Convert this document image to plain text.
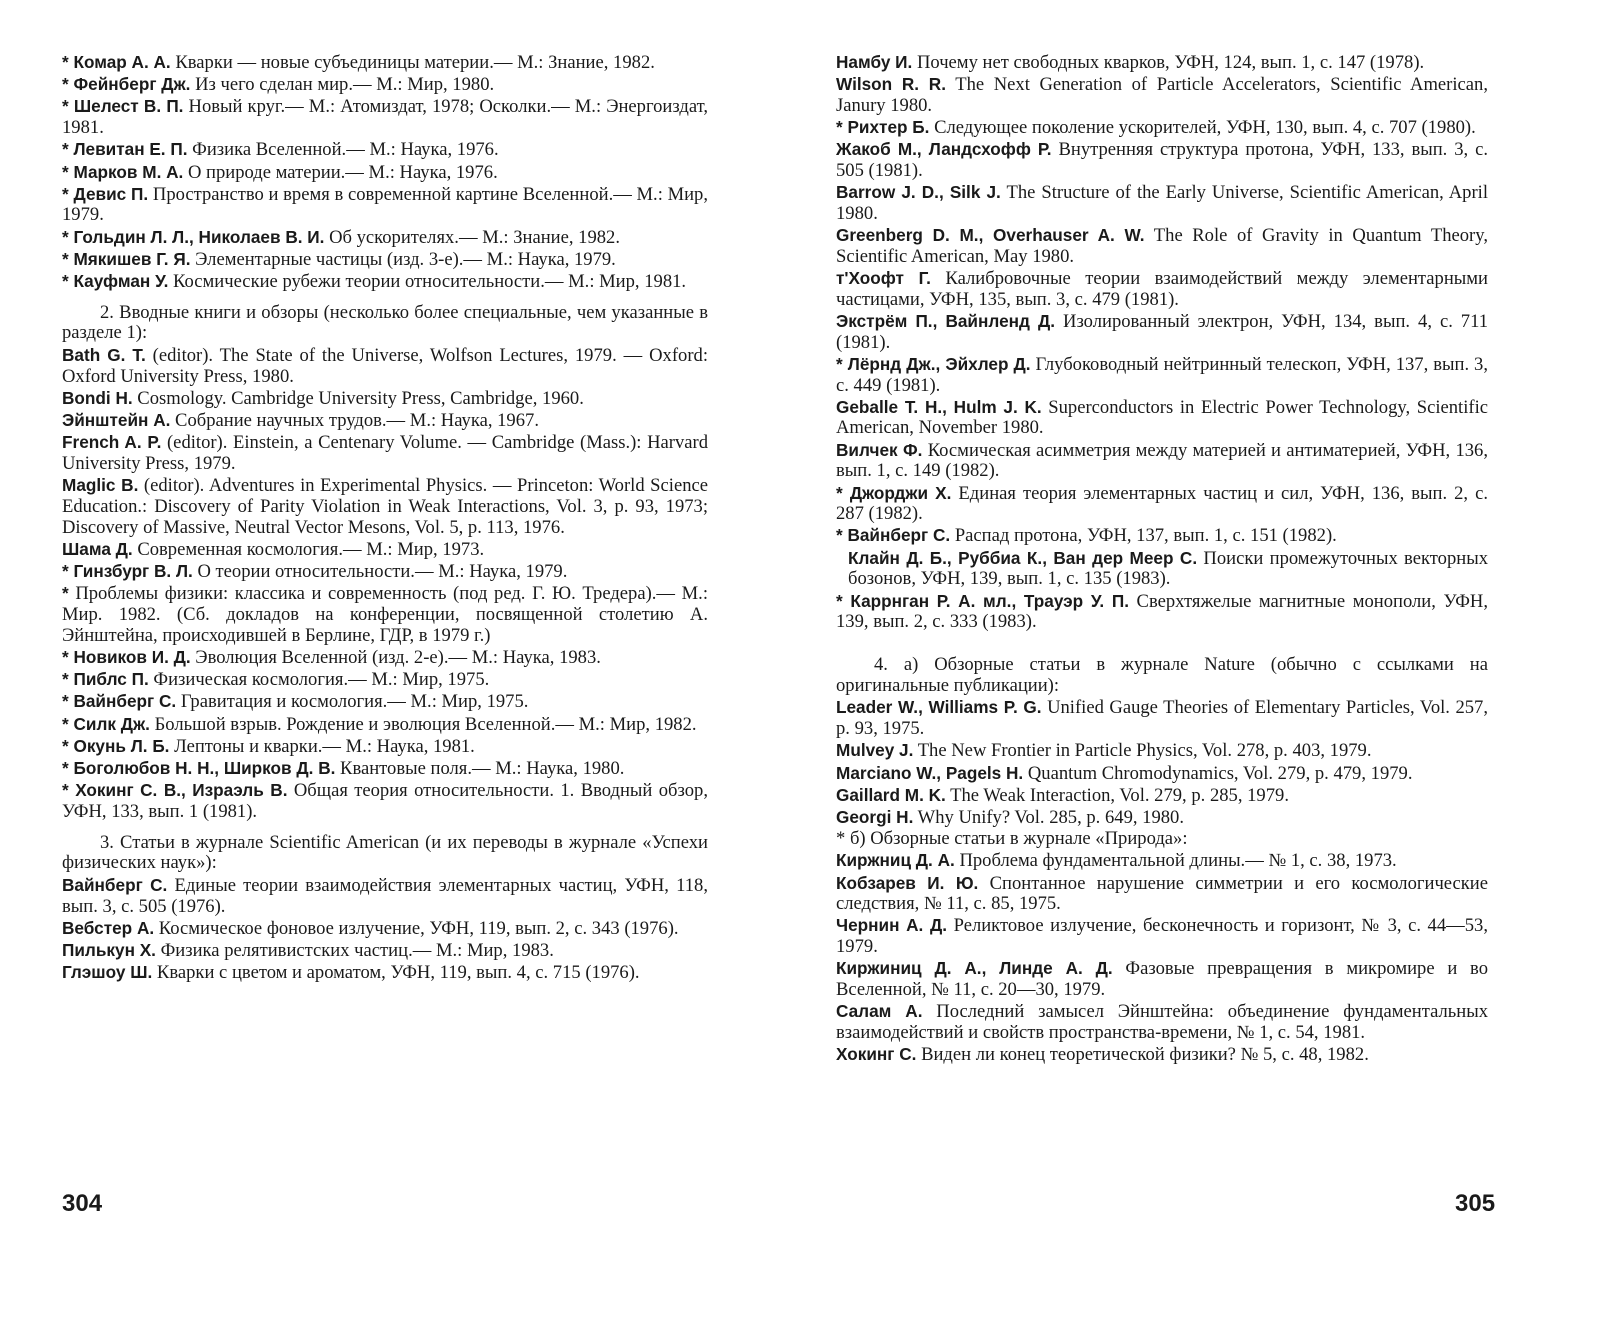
* Комар А. А. Кварки — новые субъединицы материи.— М.: Знание, 1982.
* Фейнберг Дж. Из чего сделан мир.— М.: Мир, 1980.
* Шелест В. П. Новый круг.— М.: Атомиздат, 1978; Осколки.— М.: Энергоиздат, 1981.
* Левитан Е. П. Физика Вселенной.— М.: Наука, 1976.
* Марков М. А. О природе материи.— М.: Наука, 1976.
* Девис П. Пространство и время в современной картине Вселенной.— М.: Мир, 1979.
* Гольдин Л. Л., Николаев В. И. Об ускорителях.— М.: Знание, 1982.
* Мякишев Г. Я. Элементарные частицы (изд. 3-е).— М.: Наука, 1979.
* Кауфман У. Космические рубежи теории относительности.— М.: Мир, 1981.
2. Вводные книги и обзоры (несколько более специальные, чем указанные в разделе 1):
Bath G. T. (editor). The State of the Universe, Wolfson Lectures, 1979. — Oxford: Oxford University Press, 1980.
Bondi H. Cosmology. Cambridge University Press, Cambridge, 1960.
Эйнштейн А. Собрание научных трудов.— М.: Наука, 1967.
French A. P. (editor). Einstein, a Centenary Volume. — Cambridge (Mass.): Harvard University Press, 1979.
Maglic B. (editor). Adventures in Experimental Physics. — Princeton: World Science Education.: Discovery of Parity Violation in Weak Interactions, Vol. 3, p. 93, 1973; Discovery of Massive, Neutral Vector Mesons, Vol. 5, p. 113, 1976.
Шама Д. Современная космология.— М.: Мир, 1973.
* Гинзбург В. Л. О теории относительности.— М.: Наука, 1979.
* Проблемы физики: классика и современность (под ред. Г. Ю. Тредера).— М.: Мир. 1982. (Сб. докладов на конференции, посвященной столетию А. Эйнштейна, происходившей в Берлине, ГДР, в 1979 г.)
* Новиков И. Д. Эволюция Вселенной (изд. 2-е).— М.: Наука, 1983.
* Пиблс П. Физическая космология.— М.: Мир, 1975.
* Вайнберг С. Гравитация и космология.— М.: Мир, 1975.
* Силк Дж. Большой взрыв. Рождение и эволюция Вселенной.— М.: Мир, 1982.
* Окунь Л. Б. Лептоны и кварки.— М.: Наука, 1981.
* Боголюбов Н. Н., Ширков Д. В. Квантовые поля.— М.: Наука, 1980.
* Хокинг С. В., Израэль В. Общая теория относительности. 1. Вводный обзор, УФН, 133, вып. 1 (1981).
3. Статьи в журнале Scientific American (и их переводы в журнале «Успехи физических наук»):
Вайнберг С. Единые теории взаимодействия элементарных частиц, УФН, 118, вып. 3, с. 505 (1976).
Вебстер А. Космическое фоновое излучение, УФН, 119, вып. 2, с. 343 (1976).
Пилькун Х. Физика релятивистских частиц.— М.: Мир, 1983.
Глэшоу Ш. Кварки с цветом и ароматом, УФН, 119, вып. 4, с. 715 (1976).
Намбу И. Почему нет свободных кварков, УФН, 124, вып. 1, с. 147 (1978).
Wilson R. R. The Next Generation of Particle Accelerators, Scientific American, Janury 1980.
* Рихтер Б. Следующее поколение ускорителей, УФН, 130, вып. 4, с. 707 (1980).
Жакоб М., Ландсхофф Р. Внутренняя структура протона, УФН, 133, вып. 3, с. 505 (1981).
Barrow J. D., Silk J. The Structure of the Early Universe, Scientific American, April 1980.
Greenberg D. M., Overhauser A. W. The Role of Gravity in Quantum Theory, Scientific American, May 1980.
т'Хоофт Г. Калибровочные теории взаимодействий между элементарными частицами, УФН, 135, вып. 3, с. 479 (1981).
Экстрём П., Вайнленд Д. Изолированный электрон, УФН, 134, вып. 4, с. 711 (1981).
* Лёрнд Дж., Эйхлер Д. Глубоководный нейтринный телескоп, УФН, 137, вып. 3, с. 449 (1981).
Geballe T. H., Hulm J. K. Superconductors in Electric Power Technology, Scientific American, November 1980.
Вилчек Ф. Космическая асимметрия между материей и антиматерией, УФН, 136, вып. 1, с. 149 (1982).
* Джорджи Х. Единая теория элементарных частиц и сил, УФН, 136, вып. 2, с. 287 (1982).
* Вайнберг С. Распад протона, УФН, 137, вып. 1, с. 151 (1982).
Клайн Д. Б., Руббиа К., Ван дер Меер С. Поиски промежуточных векторных бозонов, УФН, 139, вып. 1, с. 135 (1983).
* Каррнган Р. А. мл., Трауэр У. П. Сверхтяжелые магнитные монополи, УФН, 139, вып. 2, с. 333 (1983).
4. а) Обзорные статьи в журнале Nature (обычно с ссылками на оригинальные публикации):
Leader W., Williams P. G. Unified Gauge Theories of Elementary Particles, Vol. 257, p. 93, 1975.
Mulvey J. The New Frontier in Particle Physics, Vol. 278, p. 403, 1979.
Marciano W., Pagels H. Quantum Chromodynamics, Vol. 279, p. 479, 1979.
Gaillard M. K. The Weak Interaction, Vol. 279, p. 285, 1979.
Georgi H. Why Unify? Vol. 285, p. 649, 1980.
* б) Обзорные статьи в журнале «Природа»:
Киржниц Д. А. Проблема фундаментальной длины.— № 1, с. 38, 1973.
Кобзарев И. Ю. Спонтанное нарушение симметрии и его космологические следствия, № 11, с. 85, 1975.
Чернин А. Д. Реликтовое излучение, бесконечность и горизонт, № 3, с. 44—53, 1979.
Киржиниц Д. А., Линде А. Д. Фазовые превращения в микромире и во Вселенной, № 11, с. 20—30, 1979.
Салам А. Последний замысел Эйнштейна: объединение фундаментальных взаимодействий и свойств пространства-времени, № 1, с. 54, 1981.
Хокинг С. Виден ли конец теоретической физики? № 5, с. 48, 1982.
304	305
